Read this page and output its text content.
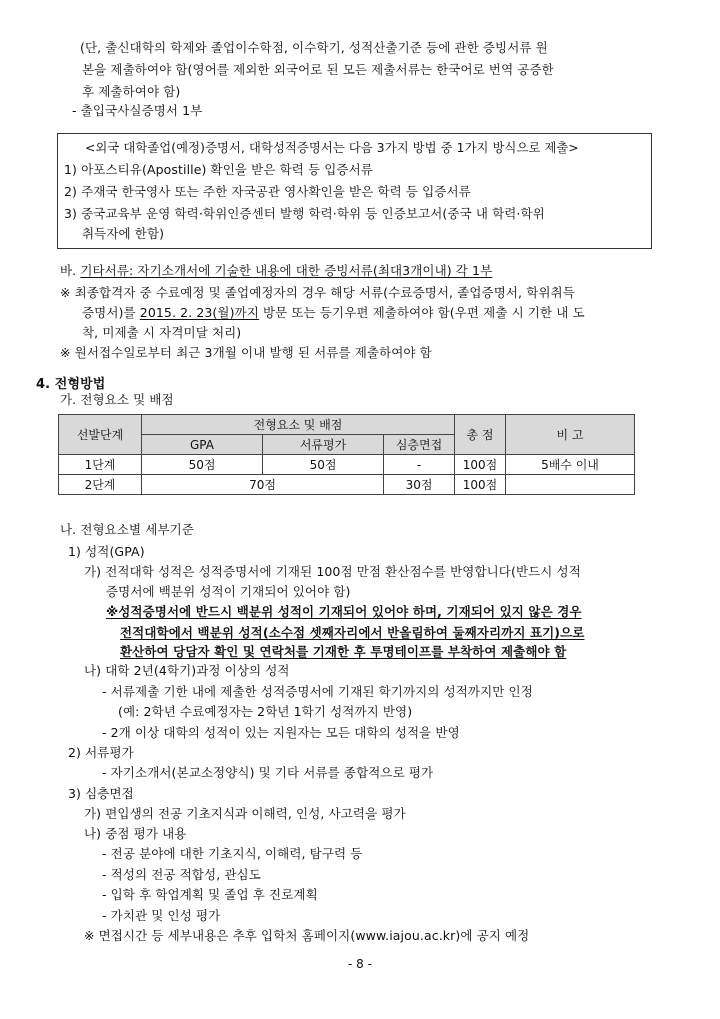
(단, 출신대학의 학제와 졸업이수학점, 이수학기, 성적산출기준 등에 관한 증빙서류 원
본을 제출하여야 함(영어를 제외한 외국어로 된 모든 제출서류는 한국어로 번역 공증한
후 제출하여야 함)
- 출입국사실증명서 1부
<외국 대학졸업(예정)증명서, 대학성적증명서는 다음 3가지 방법 중 1가지 방식으로 제출>
1) 아포스티유(Apostille) 확인을 받은 학력 등 입증서류
2) 주재국 한국영사 또는 주한 자국공관 영사확인을 받은 학력 등 입증서류
3) 중국교육부 운영 학력·학위인증센터 발행 학력·학위 등 인증보고서(중국 내 학력·학위
취득자에 한함)
바. 기타서류: 자기소개서에 기술한 내용에 대한 증빙서류(최대3개이내) 각 1부
※ 최종합격자 중 수료예정 및 졸업예정자의 경우 해당 서류(수료증명서, 졸업증명서, 학위취득
증명서)를 2015. 2. 23(월)까지 방문 또는 등기우편 제출하여야 함(우편 제출 시 기한 내 도
착, 미제출 시 자격미달 처리)
※ 원서접수일로부터 최근 3개월 이내 발행 된 서류를 제출하여야 함
4. 전형방법
가. 전형요소 및 배점
선발단계	전형요소 및 배점			총 점	비 고
	GPA	서류평가	심층면접		
1단계	50점	50점	-	100점	5배수 이내
2단계	70점		30점	100점	
나. 전형요소별 세부기준
1) 성적(GPA)
가) 전적대학 성적은 성적증명서에 기재된 100점 만점 환산점수를 반영합니다(반드시 성적
증명서에 백분위 성적이 기재되어 있어야 함)
※성적증명서에 반드시 백분위 성적이 기재되어 있어야 하며, 기재되어 있지 않은 경우
전적대학에서 백분위 성적(소수점 셋째자리에서 반올림하여 둘째자리까지 표기)으로
환산하여 당담자 확인 및 연락처를 기재한 후 투명테이프를 부착하여 제출해야 함
나) 대학 2년(4학기)과정 이상의 성적
- 서류제출 기한 내에 제출한 성적증명서에 기재된 학기까지의 성적까지만 인정
(예: 2학년 수료예정자는 2학년 1학기 성적까지 반영)
- 2개 이상 대학의 성적이 있는 지원자는 모든 대학의 성적을 반영
2) 서류평가
- 자기소개서(본교소정양식) 및 기타 서류를 종합적으로 평가
3) 심층면접
가) 편입생의 전공 기초지식과 이해력, 인성, 사고력을 평가
나) 중점 평가 내용
- 전공 분야에 대한 기초지식, 이해력, 탐구력 등
- 적성의 전공 적합성, 관심도
- 입학 후 학업계획 및 졸업 후 진로계획
- 가치관 및 인성 평가
※ 면접시간 등 세부내용은 추후 입학처 홈페이지(www.iajou.ac.kr)에 공지 예정
- 8 -
